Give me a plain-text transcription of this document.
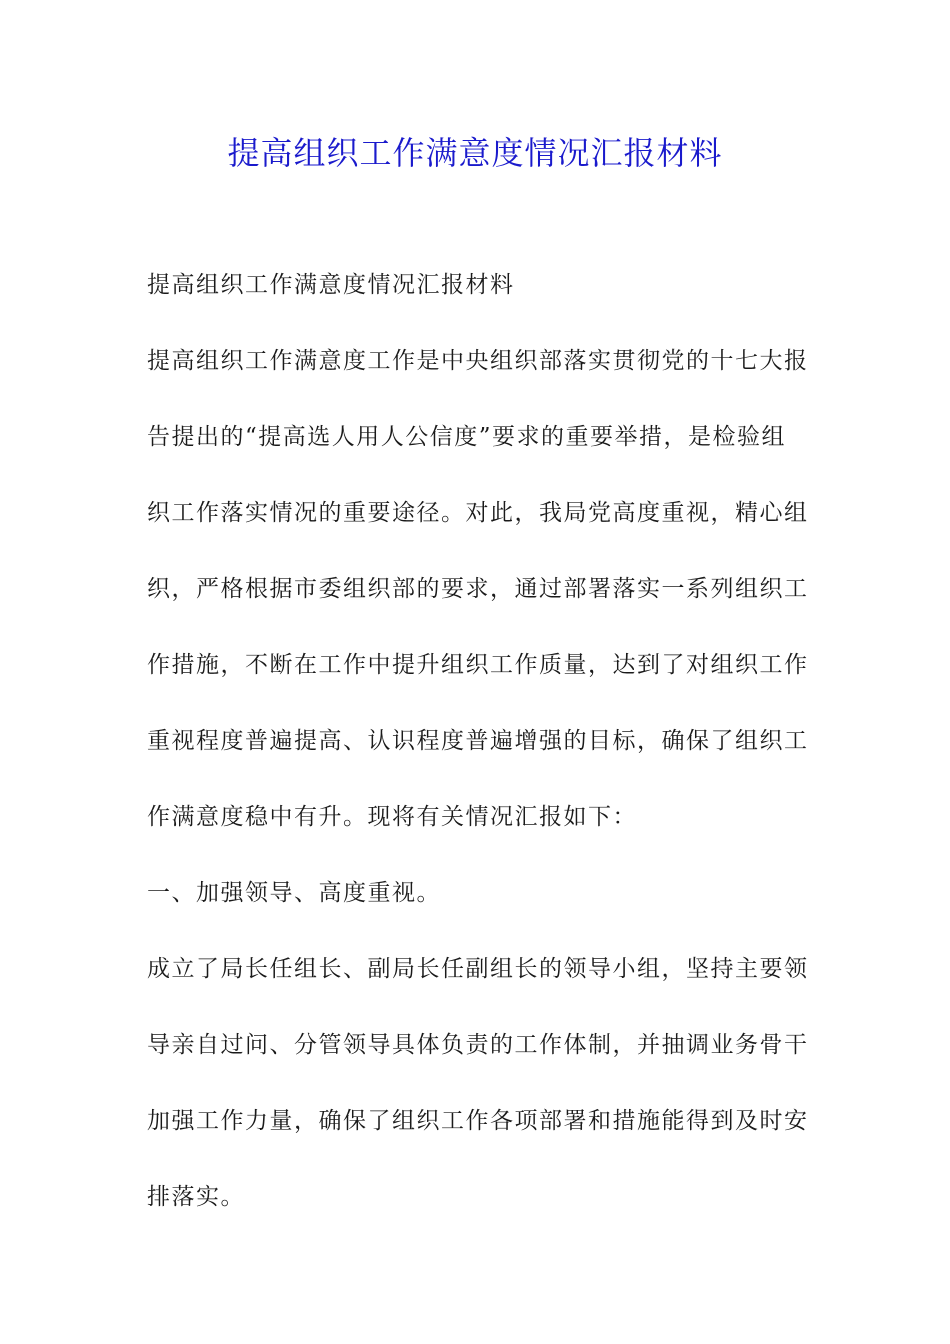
提高组织工作满意度情况汇报材料
提高组织工作满意度情况汇报材料
提高组织工作满意度工作是中央组织部落实贯彻党的十七大报
告提出的“提高选人用人公信度”要求的重要举措，是检验组
织工作落实情况的重要途径。对此，我局党高度重视，精心组
织，严格根据市委组织部的要求，通过部署落实一系列组织工
作措施，不断在工作中提升组织工作质量，达到了对组织工作
重视程度普遍提高、认识程度普遍增强的目标，确保了组织工
作满意度稳中有升。现将有关情况汇报如下：
一、加强领导、高度重视。
成立了局长任组长、副局长任副组长的领导小组，坚持主要领
导亲自过问、分管领导具体负责的工作体制，并抽调业务骨干
加强工作力量，确保了组织工作各项部署和措施能得到及时安
排落实。
